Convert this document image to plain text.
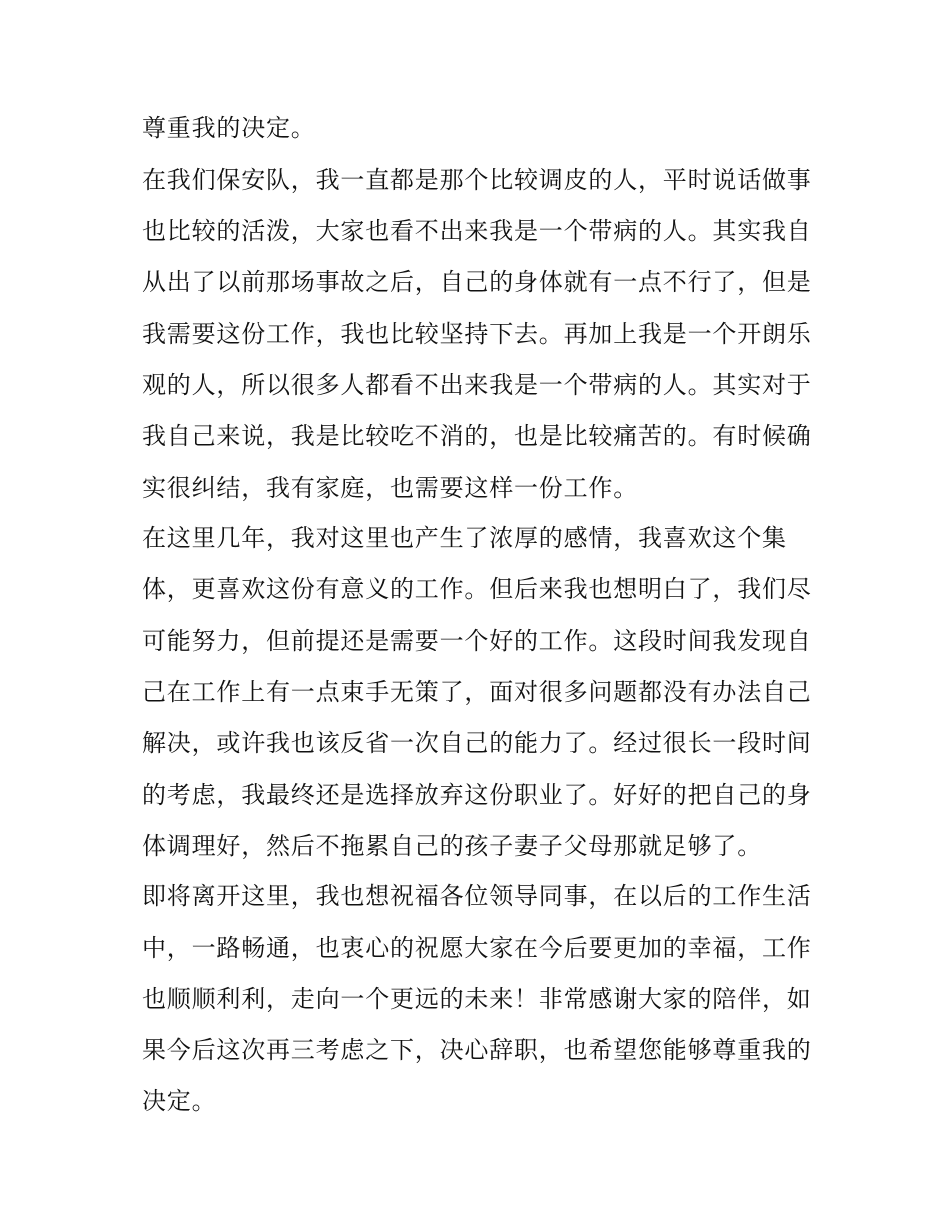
尊重我的决定。
在我们保安队，我一直都是那个比较调皮的人，平时说话做事
也比较的活泼，大家也看不出来我是一个带病的人。其实我自
从出了以前那场事故之后，自己的身体就有一点不行了，但是
我需要这份工作，我也比较坚持下去。再加上我是一个开朗乐
观的人，所以很多人都看不出来我是一个带病的人。其实对于
我自己来说，我是比较吃不消的，也是比较痛苦的。有时候确
实很纠结，我有家庭，也需要这样一份工作。
在这里几年，我对这里也产生了浓厚的感情，我喜欢这个集
体，更喜欢这份有意义的工作。但后来我也想明白了，我们尽
可能努力，但前提还是需要一个好的工作。这段时间我发现自
己在工作上有一点束手无策了，面对很多问题都没有办法自己
解决，或许我也该反省一次自己的能力了。经过很长一段时间
的考虑，我最终还是选择放弃这份职业了。好好的把自己的身
体调理好，然后不拖累自己的孩子妻子父母那就足够了。
即将离开这里，我也想祝福各位领导同事，在以后的工作生活
中，一路畅通，也衷心的祝愿大家在今后要更加的幸福，工作
也顺顺利利，走向一个更远的未来！非常感谢大家的陪伴，如
果今后这次再三考虑之下，决心辞职，也希望您能够尊重我的
决定。
